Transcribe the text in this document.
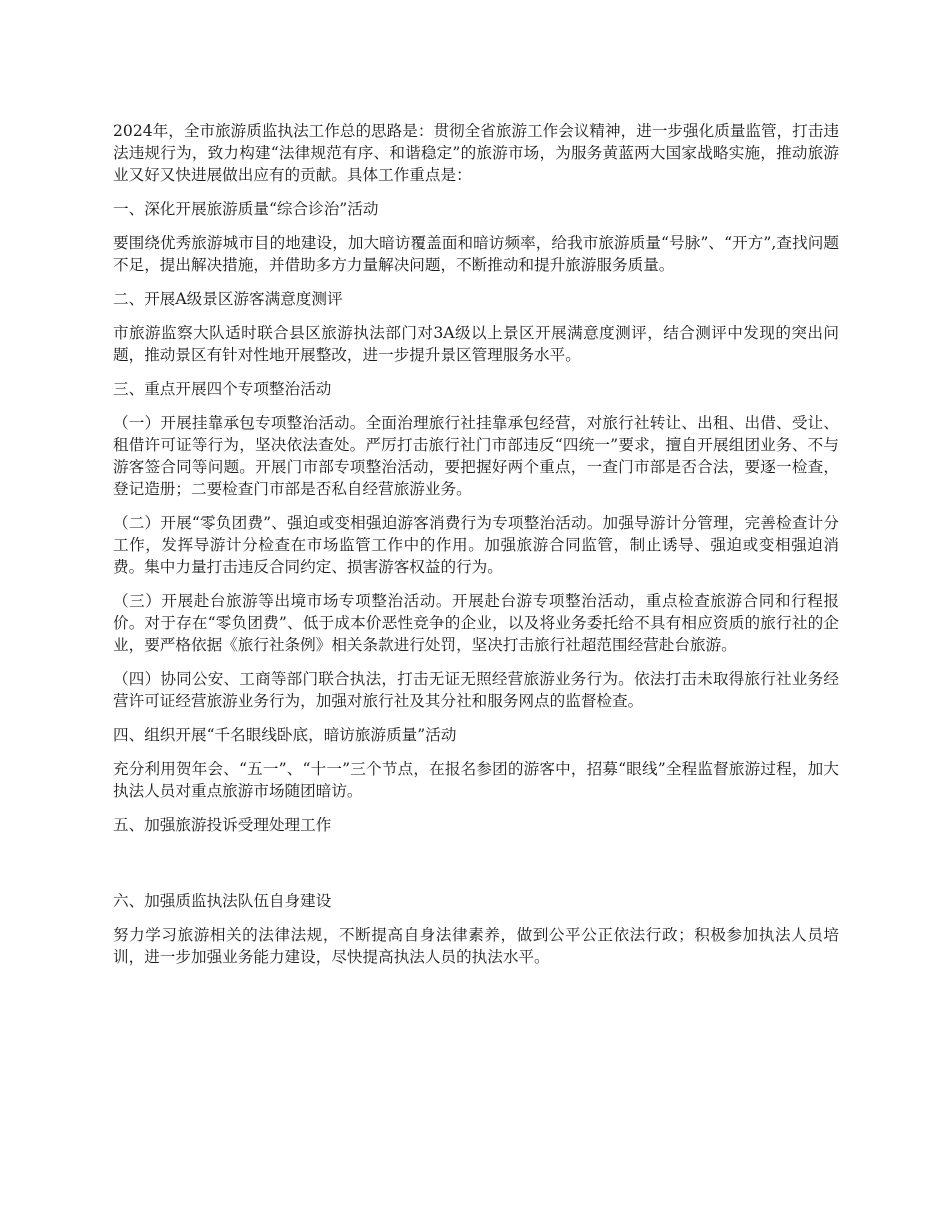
2024年，全市旅游质监执法工作总的思路是：贯彻全省旅游工作会议精神，进一步强化质量监管，打击违法违规行为，致力构建“法律规范有序、和谐稳定”的旅游市场，为服务黄蓝两大国家战略实施，推动旅游业又好又快进展做出应有的贡献。具体工作重点是：

一、深化开展旅游质量“综合诊治”活动

要围绕优秀旅游城市目的地建设，加大暗访覆盖面和暗访频率，给我市旅游质量“号脉”、“开方”,查找问题不足，提出解决措施，并借助多方力量解决问题，不断推动和提升旅游服务质量。

二、开展A级景区游客满意度测评

市旅游监察大队适时联合县区旅游执法部门对3A级以上景区开展满意度测评，结合测评中发现的突出问题，推动景区有针对性地开展整改，进一步提升景区管理服务水平。

三、重点开展四个专项整治活动

（一）开展挂靠承包专项整治活动。全面治理旅行社挂靠承包经营，对旅行社转让、出租、出借、受让、租借许可证等行为，坚决依法查处。严厉打击旅行社门市部违反“四统一”要求，擅自开展组团业务、不与游客签合同等问题。开展门市部专项整治活动，要把握好两个重点，一查门市部是否合法，要逐一检查，登记造册；二要检查门市部是否私自经营旅游业务。

（二）开展“零负团费”、强迫或变相强迫游客消费行为专项整治活动。加强导游计分管理，完善检查计分工作，发挥导游计分检查在市场监管工作中的作用。加强旅游合同监管，制止诱导、强迫或变相强迫消费。集中力量打击违反合同约定、损害游客权益的行为。

（三）开展赴台旅游等出境市场专项整治活动。开展赴台游专项整治活动，重点检查旅游合同和行程报价。对于存在“零负团费”、低于成本价恶性竞争的企业，以及将业务委托给不具有相应资质的旅行社的企业，要严格依据《旅行社条例》相关条款进行处罚，坚决打击旅行社超范围经营赴台旅游。

（四）协同公安、工商等部门联合执法，打击无证无照经营旅游业务行为。依法打击未取得旅行社业务经营许可证经营旅游业务行为，加强对旅行社及其分社和服务网点的监督检查。

四、组织开展“千名眼线卧底，暗访旅游质量”活动

充分利用贺年会、“五一”、“十一”三个节点，在报名参团的游客中，招募“眼线”全程监督旅游过程，加大执法人员对重点旅游市场随团暗访。

五、加强旅游投诉受理处理工作

六、加强质监执法队伍自身建设

努力学习旅游相关的法律法规，不断提高自身法律素养，做到公平公正依法行政；积极参加执法人员培训，进一步加强业务能力建设，尽快提高执法人员的执法水平。
